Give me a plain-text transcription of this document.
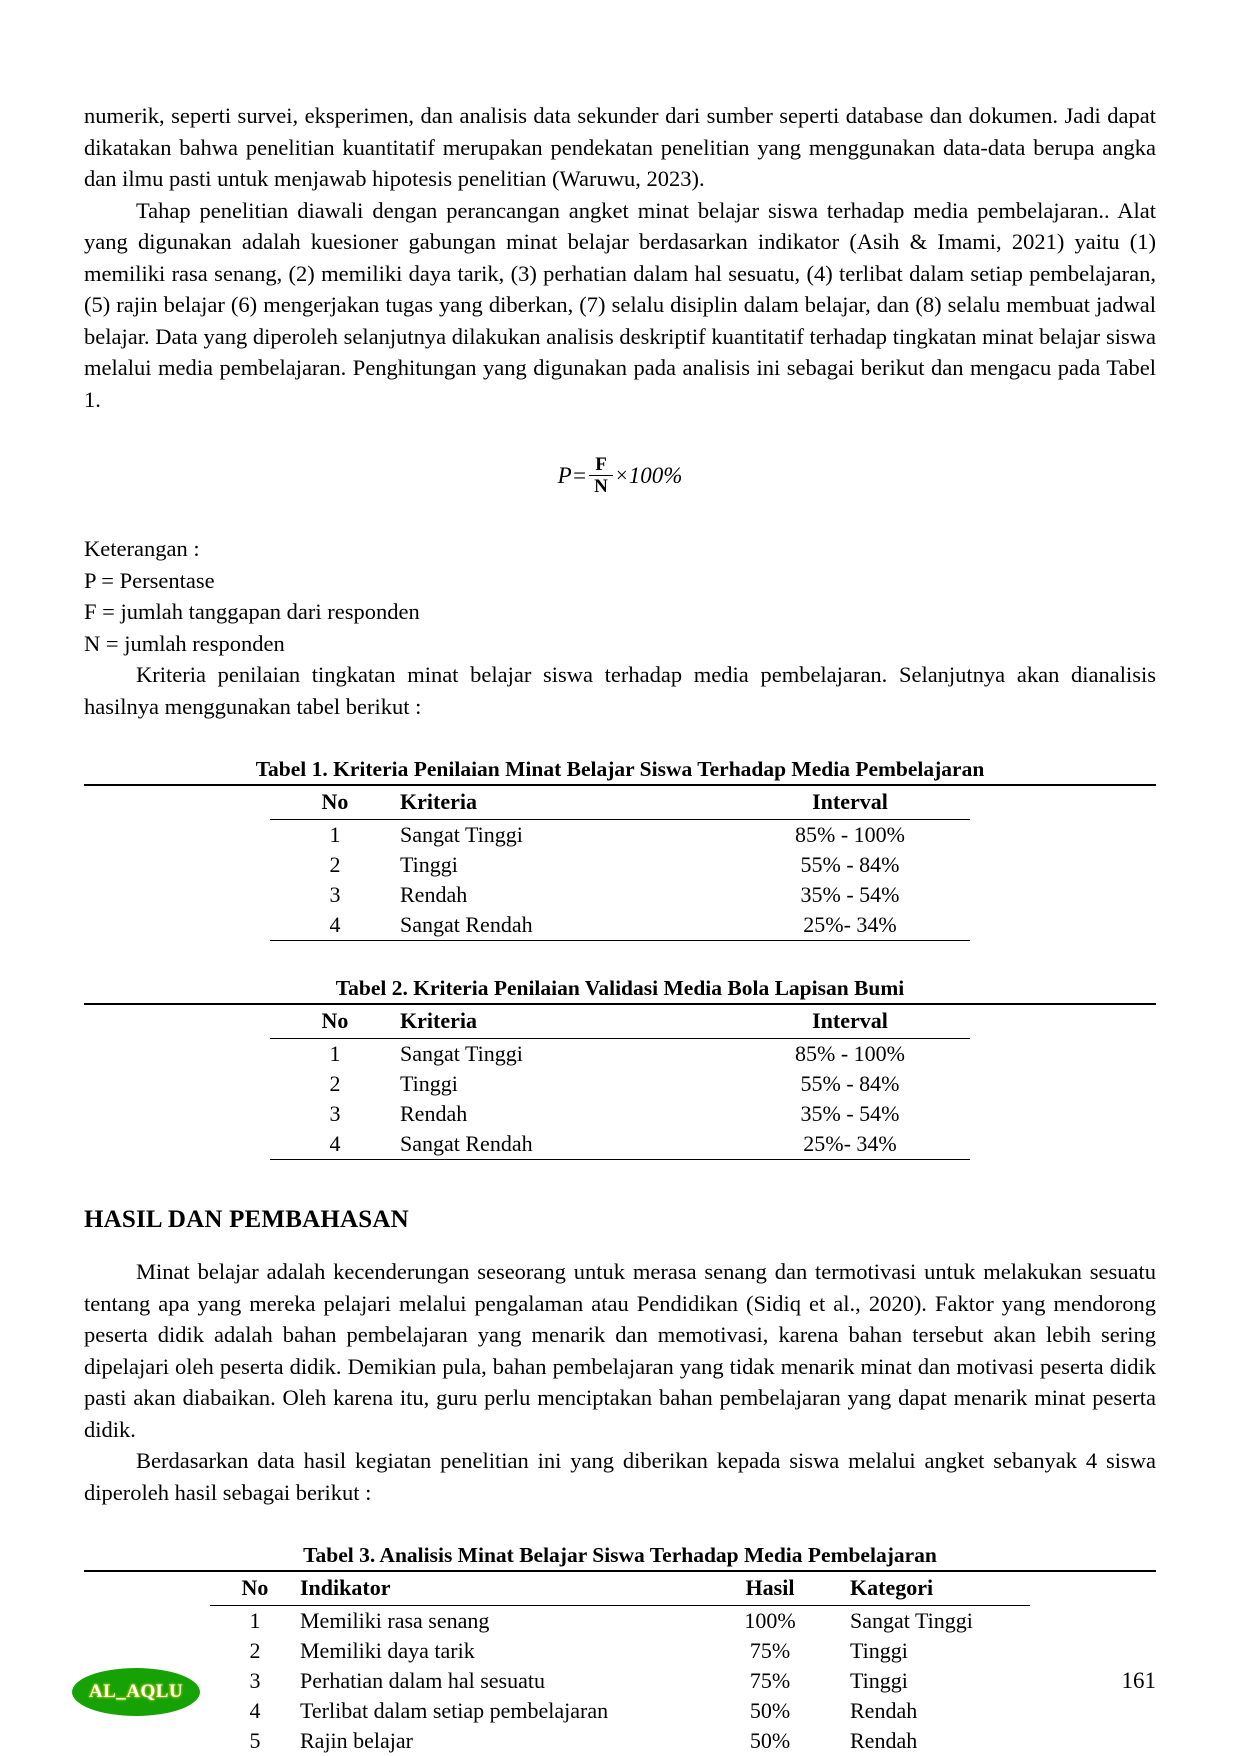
numerik, seperti survei, eksperimen, dan analisis data sekunder dari sumber seperti database dan dokumen. Jadi dapat dikatakan bahwa penelitian kuantitatif merupakan pendekatan penelitian yang menggunakan data-data berupa angka dan ilmu pasti untuk menjawab hipotesis penelitian (Waruwu, 2023).

Tahap penelitian diawali dengan perancangan angket minat belajar siswa terhadap media pembelajaran.. Alat yang digunakan adalah kuesioner gabungan minat belajar berdasarkan indikator (Asih & Imami, 2021) yaitu (1) memiliki rasa senang, (2) memiliki daya tarik, (3) perhatian dalam hal sesuatu, (4) terlibat dalam setiap pembelajaran, (5) rajin belajar (6) mengerjakan tugas yang diberkan, (7) selalu disiplin dalam belajar, dan (8) selalu membuat jadwal belajar. Data yang diperoleh selanjutnya dilakukan analisis deskriptif kuantitatif terhadap tingkatan minat belajar siswa melalui media pembelajaran. Penghitungan yang digunakan pada analisis ini sebagai berikut dan mengacu pada Tabel 1.

$P= \frac{F}{N} \times 100\%$
Keterangan :
P = Persentase
F = jumlah tanggapan dari responden
N = jumlah responden

Kriteria penilaian tingkatan minat belajar siswa terhadap media pembelajaran. Selanjutnya akan dianalisis hasilnya menggunakan tabel berikut :

Tabel 1. Kriteria Penilaian Minat Belajar Siswa Terhadap Media Pembelajaran
No	Kriteria	Interval
1	Sangat Tinggi	85% - 100%
2	Tinggi	55% - 84%
3	Rendah	35% - 54%
4	Sangat Rendah	25%- 34%
Tabel 2. Kriteria Penilaian Validasi Media Bola Lapisan Bumi
No	Kriteria	Interval
1	Sangat Tinggi	85% - 100%
2	Tinggi	55% - 84%
3	Rendah	35% - 54%
4	Sangat Rendah	25%- 34%
HASIL DAN PEMBAHASAN

Minat belajar adalah kecenderungan seseorang untuk merasa senang dan termotivasi untuk melakukan sesuatu tentang apa yang mereka pelajari melalui pengalaman atau Pendidikan (Sidiq et al., 2020). Faktor yang mendorong peserta didik adalah bahan pembelajaran yang menarik dan memotivasi, karena bahan tersebut akan lebih sering dipelajari oleh peserta didik. Demikian pula, bahan pembelajaran yang tidak menarik minat dan motivasi peserta didik pasti akan diabaikan. Oleh karena itu, guru perlu menciptakan bahan pembelajaran yang dapat menarik minat peserta didik.

Berdasarkan data hasil kegiatan penelitian ini yang diberikan kepada siswa melalui angket sebanyak 4 siswa diperoleh hasil sebagai berikut :

Tabel 3. Analisis Minat Belajar Siswa Terhadap Media Pembelajaran
No	Indikator	Hasil	Kategori
1	Memiliki rasa senang	100%	Sangat Tinggi
2	Memiliki daya tarik	75%	Tinggi
3	Perhatian dalam hal sesuatu	75%	Tinggi
4	Terlibat dalam setiap pembelajaran	50%	Rendah
5	Rajin belajar	50%	Rendah
AL_AQLU	161
